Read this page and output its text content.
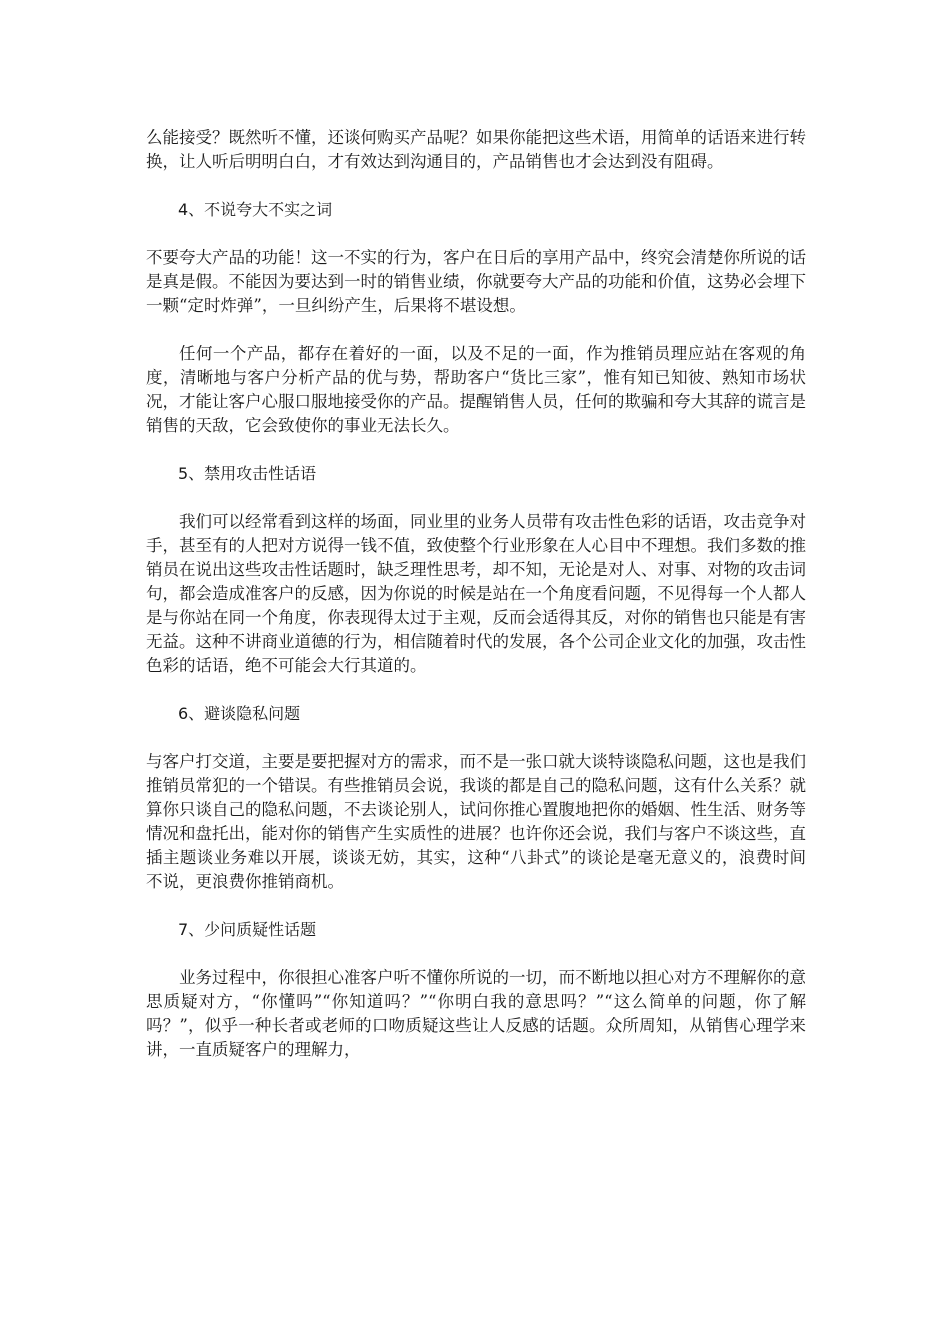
么能接受？既然听不懂，还谈何购买产品呢？如果你能把这些术语，用简单的话语来进行转换，让人听后明明白白，才有效达到沟通目的，产品销售也才会达到没有阻碍。

4、不说夸大不实之词

不要夸大产品的功能！这一不实的行为，客户在日后的享用产品中，终究会清楚你所说的话是真是假。不能因为要达到一时的销售业绩，你就要夸大产品的功能和价值，这势必会埋下一颗“定时炸弹”，一旦纠纷产生，后果将不堪设想。

任何一个产品，都存在着好的一面，以及不足的一面，作为推销员理应站在客观的角度，清晰地与客户分析产品的优与势，帮助客户“货比三家”，惟有知已知彼、熟知市场状况，才能让客户心服口服地接受你的产品。提醒销售人员，任何的欺骗和夸大其辞的谎言是销售的天敌，它会致使你的事业无法长久。

5、禁用攻击性话语

我们可以经常看到这样的场面，同业里的业务人员带有攻击性色彩的话语，攻击竞争对手，甚至有的人把对方说得一钱不值，致使整个行业形象在人心目中不理想。我们多数的推销员在说出这些攻击性话题时，缺乏理性思考，却不知，无论是对人、对事、对物的攻击词句，都会造成准客户的反感，因为你说的时候是站在一个角度看问题，不见得每一个人都人是与你站在同一个角度，你表现得太过于主观，反而会适得其反，对你的销售也只能是有害无益。这种不讲商业道德的行为，相信随着时代的发展，各个公司企业文化的加强，攻击性色彩的话语，绝不可能会大行其道的。

6、避谈隐私问题

与客户打交道，主要是要把握对方的需求，而不是一张口就大谈特谈隐私问题，这也是我们推销员常犯的一个错误。有些推销员会说，我谈的都是自己的隐私问题，这有什么关系？就算你只谈自己的隐私问题，不去谈论别人，试问你推心置腹地把你的婚姻、性生活、财务等情况和盘托出，能对你的销售产生实质性的进展？也许你还会说，我们与客户不谈这些，直插主题谈业务难以开展，谈谈无妨，其实，这种“八卦式”的谈论是毫无意义的，浪费时间不说，更浪费你推销商机。

7、少问质疑性话题

业务过程中，你很担心准客户听不懂你所说的一切，而不断地以担心对方不理解你的意思质疑对方，“你懂吗”“你知道吗？”“你明白我的意思吗？”“这么简单的问题，你了解吗？”，似乎一种长者或老师的口吻质疑这些让人反感的话题。众所周知，从销售心理学来讲，一直质疑客户的理解力，
